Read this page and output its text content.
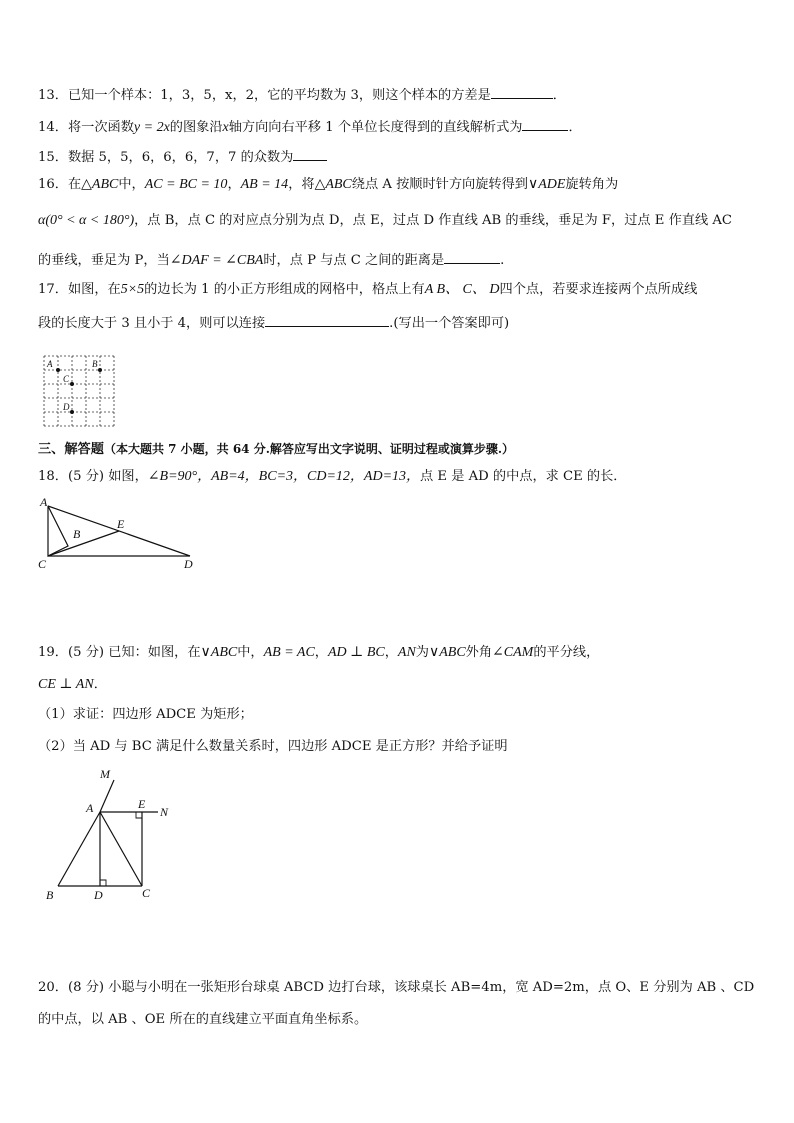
13．已知一个样本：1，3，5，x，2，它的平均数为 3，则这个样本的方差是	．
14．将一次函数y = 2x的图象沿x轴方向向右平移 1 个单位长度得到的直线解析式为	．
15．数据 5，5，6，6，6，7，7 的众数为
16．在△ABC中，AC = BC = 10，AB = 14，将△ABC绕点 A 按顺时针方向旋转得到∨ADE旋转角为
α(0° < α < 180°)，点 B，点 C 的对应点分别为点 D，点 E，过点 D 作直线 AB 的垂线，垂足为 F，过点 E 作直线 AC
的垂线，垂足为 P，当∠DAF = ∠CBA时，点 P 与点 C 之间的距离是	.
17．如图，在5×5的边长为 1 的小正方形组成的网格中，格点上有A B、 C、 D四个点，若要求连接两个点所成线
段的长度大于 3 且小于 4，则可以连接	.(写出一个答案即可)
A	B
C
D
三、解答题（本大题共 7 小题，共 64 分.解答应写出文字说明、证明过程或演算步骤.）
18．(5 分) 如图，∠B=90°，AB=4，BC=3，CD=12，AD=13，点 E 是 AD 的中点，求 CE 的长．
A
B
C	D
E
19．(5 分) 已知：如图，在∨ABC中，AB = AC，AD ⊥ BC，AN为∨ABC外角∠CAM的平分线，
CE ⊥ AN．
（1）求证：四边形 ADCE 为矩形；
（2）当 AD 与 BC 满足什么数量关系时，四边形 ADCE 是正方形？并给予证明
M
A	E
N
B	D	C
20．(8 分) 小聪与小明在一张矩形台球桌 ABCD 边打台球，该球桌长 AB=4m，宽 AD=2m，点 O、E 分别为 AB 、CD
的中点，以 AB 、OE 所在的直线建立平面直角坐标系。
